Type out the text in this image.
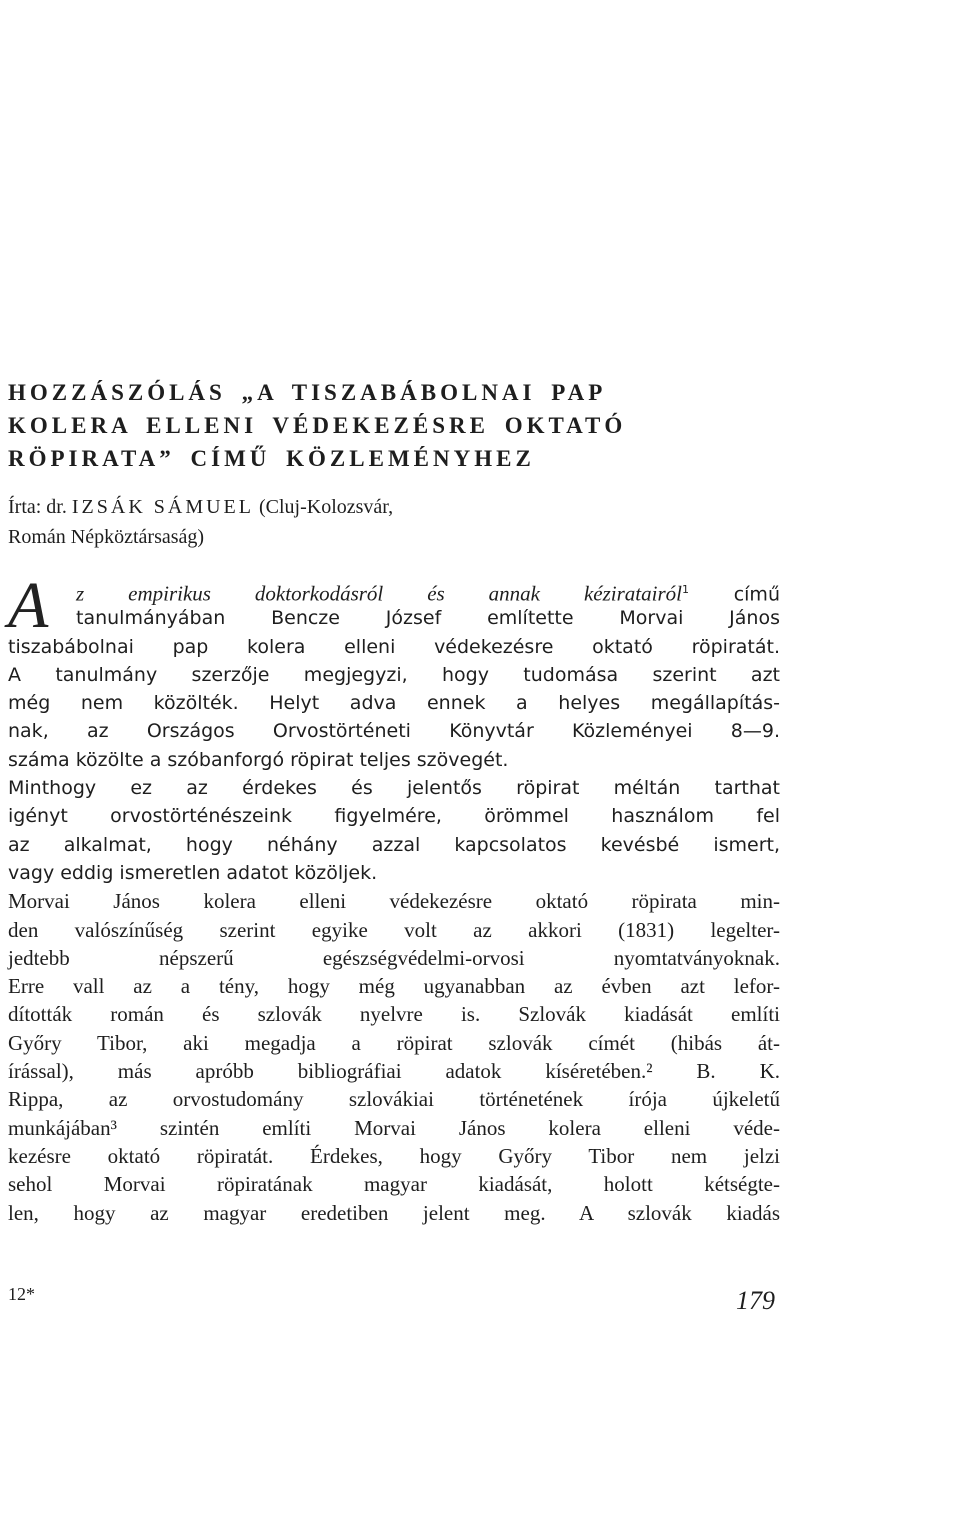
HOZZÁSZÓLÁS „A TISZABÁBOLNAI PAP
KOLERA ELLENI VÉDEKEZÉSRE OKTATÓ
RÖPIRATA” CÍMŰ KÖZLEMÉNYHEZ
Írta: dr. IZSÁK SÁMUEL (Cluj-Kolozsvár,
Román Népköztársaság)
A	z empirikus doktorkodásról és annak kéziratairól$^1$ című
tanulmányában Bencze József említette Morvai János
tiszabábolnai pap kolera elleni védekezésre oktató röpiratát.
A tanulmány szerzője megjegyzi, hogy tudomása szerint azt
még nem közölték. Helyt adva ennek a helyes megállapítás-
nak, az Országos Orvostörténeti Könyvtár Közleményei 8—9.
száma közölte a szóbanforgó röpirat teljes szövegét.
Minthogy ez az érdekes és jelentős röpirat méltán tarthat
igényt orvostörténészeink figyelmére, örömmel használom fel
az alkalmat, hogy néhány azzal kapcsolatos kevésbé ismert,
vagy eddig ismeretlen adatot közöljek.
Morvai János kolera elleni védekezésre oktató röpirata min-
den valószínűség szerint egyike volt az akkori (1831) legelter-
jedtebb népszerű egészségvédelmi-orvosi nyomtatványoknak.
Erre vall az a tény, hogy még ugyanabban az évben azt lefor-
dították román és szlovák nyelvre is. Szlovák kiadását említi
Győry Tibor, aki megadja a röpirat szlovák címét (hibás át-
írással), más apróbb bibliográfiai adatok kíséretében.² B. K.
Rippa, az orvostudomány szlovákiai történetének írója újkeletű
munkájában³ szintén említi Morvai János kolera elleni véde-
kezésre oktató röpiratát. Érdekes, hogy Győry Tibor nem jelzi
sehol Morvai röpiratának magyar kiadását, holott kétségte-
len, hogy az magyar eredetiben jelent meg. A szlovák kiadás
12*	179
